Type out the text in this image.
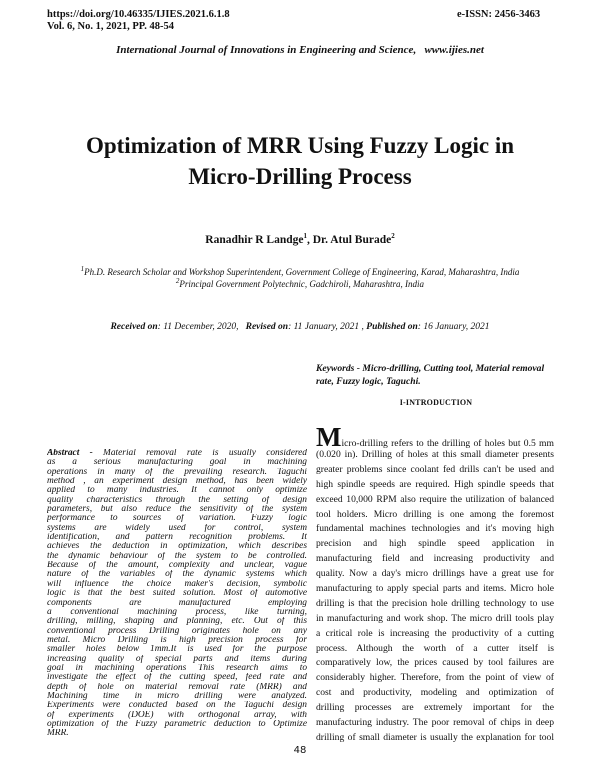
https://doi.org/10.46335/IJIES.2021.6.1.8
Vol. 6, No. 1, 2021, PP. 48-54
e-ISSN: 2456-3463
International Journal of Innovations in Engineering and Science,   www.ijies.net
Optimization of MRR Using Fuzzy Logic in Micro-Drilling Process
Ranadhir R Landge$^1$, Dr. Atul Burade$^2$
$^1$Ph.D. Research Scholar and Workshop Superintendent, Government College of Engineering, Karad, Maharashtra, India
$^2$Principal Government Polytechnic, Gadchiroli, Maharashtra, India

Received on: 11 December, 2020,   Revised on: 11 January, 2021 , Published on: 16 January, 2021

Abstract - Material removal rate is usually considered
as a serious manufacturing goal in machining
operations in many of the prevailing research. Taguchi
method , an experiment design method, has been widely
applied to many industries. It cannot only optimize
quality characteristics through the setting of design
parameters, but also reduce the sensitivity of the system
performance to sources of variation. Fuzzy logic
systems are widely used for control, system
identification, and pattern recognition problems. It
achieves the deduction in optimization, which describes
the dynamic behaviour of the system to be controlled.
Because of the amount, complexity and unclear, vague
nature of the variables of the dynamic systems which
will influence the choice maker's decision, symbolic
logic is that the best suited solution. Most of automotive
components are manufactured employing
a conventional machining process, like turning,
drilling, milling, shaping and planning, etc. Out of this
conventional process Drilling originates hole on any
metal. Micro Drilling is high precision process for
smaller holes below 1mm.It is used for the purpose
increasing quality of special parts and items during
goal in machining operations This research aims to
investigate the effect of the cutting speed, feed rate and
depth of hole on material removal rate (MRR) and
Machining time in micro drilling were analyzed.
Experiments were conducted based on the Taguchi design
of experiments (DOE) with orthogonal array, with
optimization of the Fuzzy parametric deduction to Optimize
MRR.
Keywords - Micro-drilling, Cutting tool, Material removal rate, Fuzzy logic, Taguchi.
I-INTRODUCTION
Micro-drilling refers to the drilling of holes but 0.5 mm
(0.020 in). Drilling of holes at this small diameter presents
greater problems since coolant fed drills can't be used and
high spindle speeds are required. High spindle speeds that
exceed 10,000 RPM also require the utilization of balanced
tool holders. Micro drilling is one among the foremost
fundamental machines technologies and it's moving high
precision and high spindle speed application in
manufacturing field and increasing productivity and
quality. Now a day's micro drillings have a great use for
manufacturing to apply special parts and items. Micro hole
drilling is that the precision hole drilling technology to use
in manufacturing and work shop. The micro drill tools play
a critical role is increasing the productivity of a cutting
process. Although the worth of a cutter itself is
comparatively low, the prices caused by tool failures are
considerably higher. Therefore, from the point of view of
cost and productivity, modeling and optimization of
drilling processes are extremely important for the
manufacturing industry. The poor removal of chips in deep
drilling of small diameter is usually the explanation for tool
48
